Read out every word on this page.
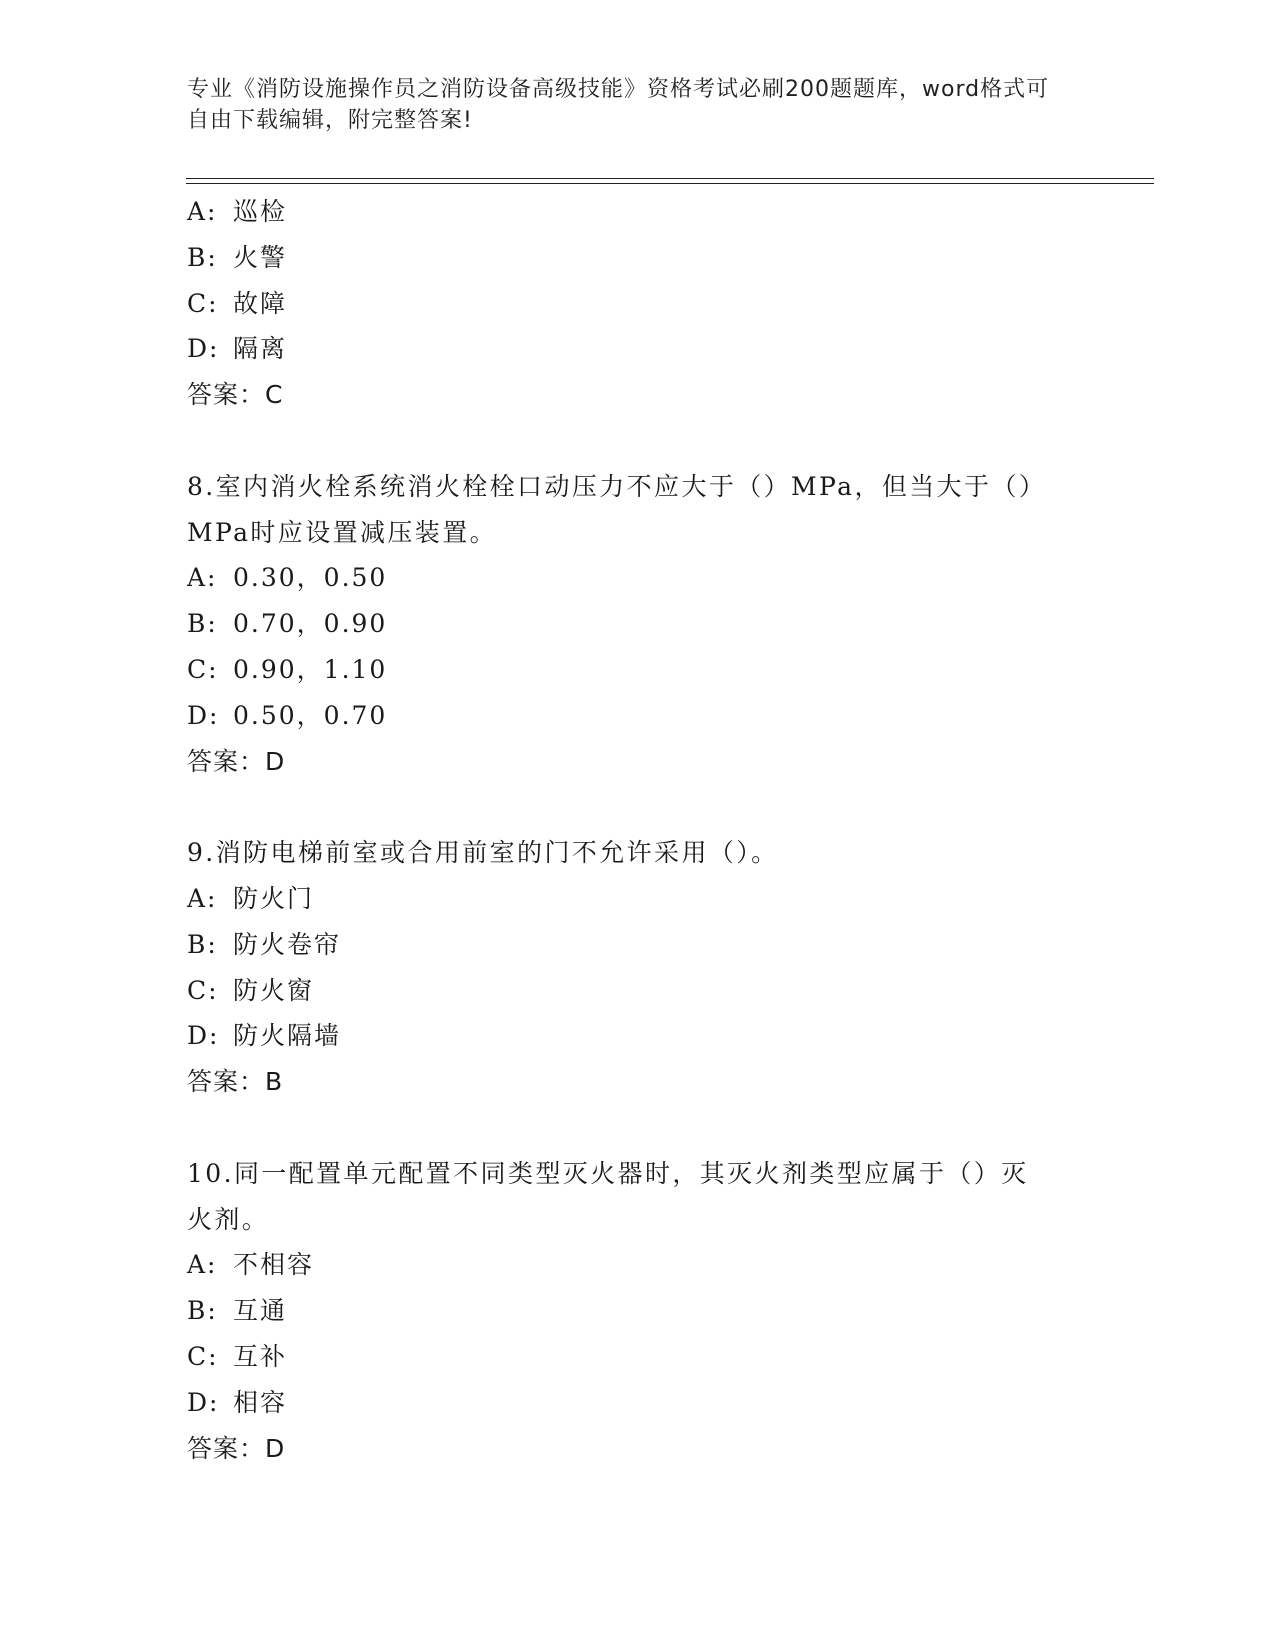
专业《消防设施操作员之消防设备高级技能》资格考试必刷200题题库，word格式可自由下载编辑，附完整答案!
A: 巡检
B: 火警
C: 故障
D: 隔离
答案：C
8.室内消火栓系统消火栓栓口动压力不应大于（）MPa，但当大于（）
MPa时应设置减压装置。
A: 0.30，0.50
B: 0.70，0.90
C: 0.90，1.10
D: 0.50，0.70
答案：D
9.消防电梯前室或合用前室的门不允许采用（）。
A: 防火门
B: 防火卷帘
C: 防火窗
D: 防火隔墙
答案：B
10.同一配置单元配置不同类型灭火器时，其灭火剂类型应属于（）灭
火剂。
A: 不相容
B: 互通
C: 互补
D: 相容
答案：D
